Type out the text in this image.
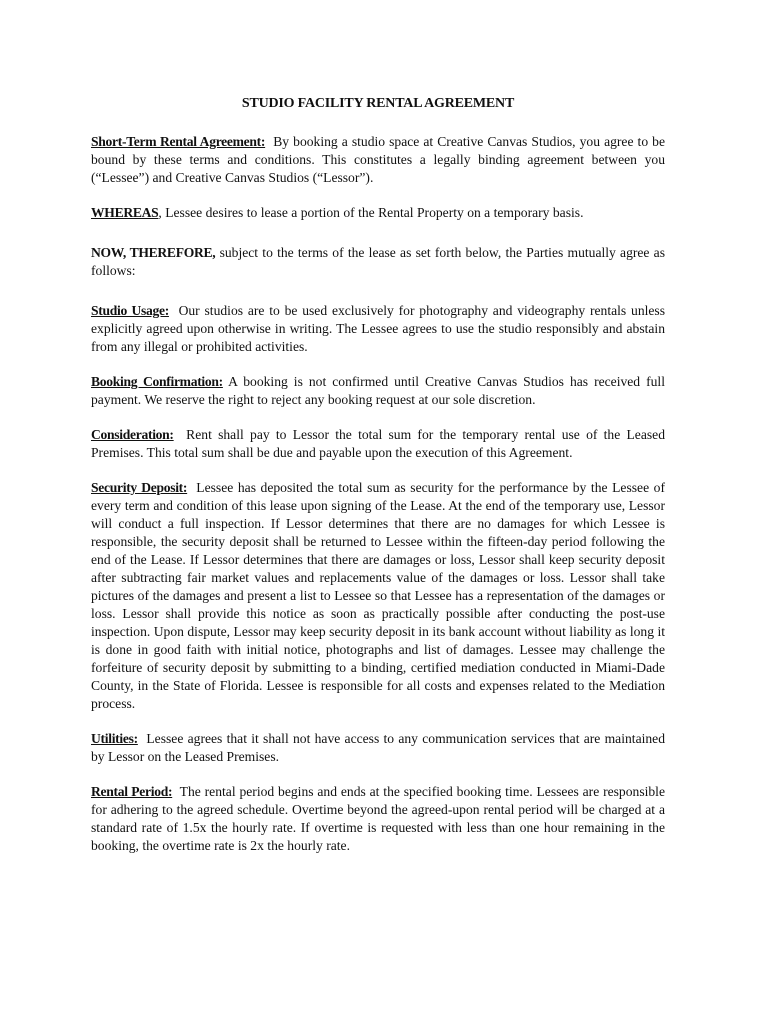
STUDIO FACILITY RENTAL AGREEMENT

Short-Term Rental Agreement: By booking a studio space at Creative Canvas Studios, you agree to be bound by these terms and conditions. This constitutes a legally binding agreement between you (“Lessee”) and Creative Canvas Studios (“Lessor”).

WHEREAS, Lessee desires to lease a portion of the Rental Property on a temporary basis.

NOW, THEREFORE, subject to the terms of the lease as set forth below, the Parties mutually agree as follows:

Studio Usage: Our studios are to be used exclusively for photography and videography rentals unless explicitly agreed upon otherwise in writing. The Lessee agrees to use the studio responsibly and abstain from any illegal or prohibited activities.

Booking Confirmation: A booking is not confirmed until Creative Canvas Studios has received full payment. We reserve the right to reject any booking request at our sole discretion.

Consideration: Rent shall pay to Lessor the total sum for the temporary rental use of the Leased Premises. This total sum shall be due and payable upon the execution of this Agreement.

Security Deposit: Lessee has deposited the total sum as security for the performance by the Lessee of every term and condition of this lease upon signing of the Lease. At the end of the temporary use, Lessor will conduct a full inspection. If Lessor determines that there are no damages for which Lessee is responsible, the security deposit shall be returned to Lessee within the fifteen-day period following the end of the Lease. If Lessor determines that there are damages or loss, Lessor shall keep security deposit after subtracting fair market values and replacements value of the damages or loss. Lessor shall take pictures of the damages and present a list to Lessee so that Lessee has a representation of the damages or loss. Lessor shall provide this notice as soon as practically possible after conducting the post-use inspection. Upon dispute, Lessor may keep security deposit in its bank account without liability as long it is done in good faith with initial notice, photographs and list of damages. Lessee may challenge the forfeiture of security deposit by submitting to a binding, certified mediation conducted in Miami-Dade County, in the State of Florida. Lessee is responsible for all costs and expenses related to the Mediation process.

Utilities: Lessee agrees that it shall not have access to any communication services that are maintained by Lessor on the Leased Premises.

Rental Period: The rental period begins and ends at the specified booking time. Lessees are responsible for adhering to the agreed schedule. Overtime beyond the agreed-upon rental period will be charged at a standard rate of 1.5x the hourly rate. If overtime is requested with less than one hour remaining in the booking, the overtime rate is 2x the hourly rate.
